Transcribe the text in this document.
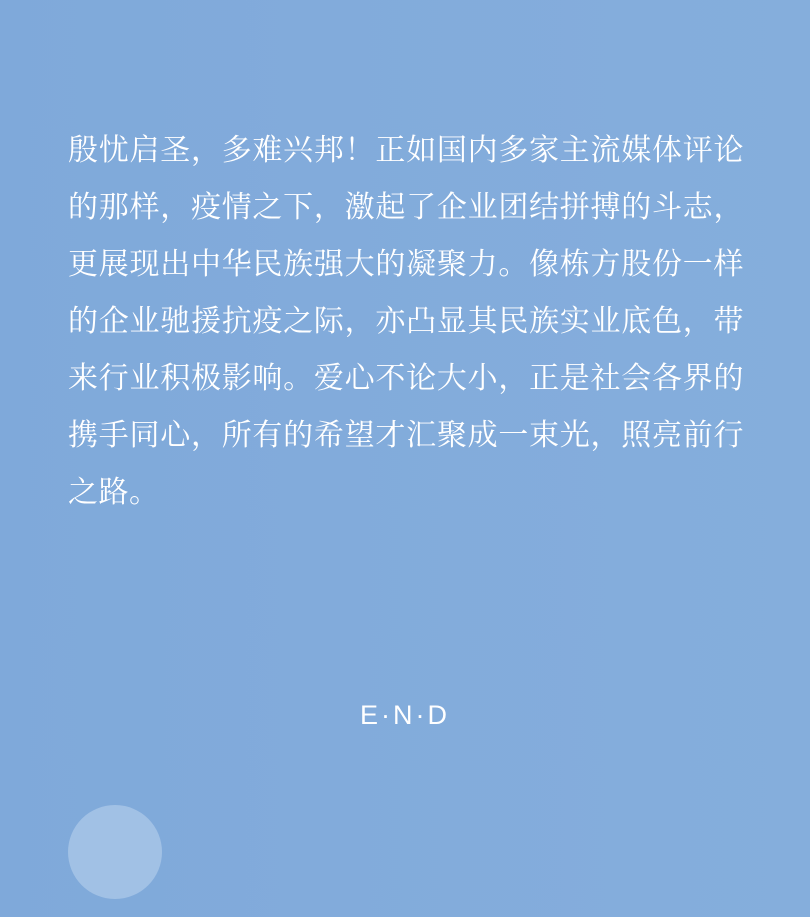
殷忧启圣，多难兴邦！正如国内多家主流媒体评论的那样，疫情之下，激起了企业团结拼搏的斗志，更展现出中华民族强大的凝聚力。像栋方股份一样的企业驰援抗疫之际，亦凸显其民族实业底色，带来行业积极影响。爱心不论大小，正是社会各界的携手同心，所有的希望才汇聚成一束光，照亮前行之路。

E·N·D
